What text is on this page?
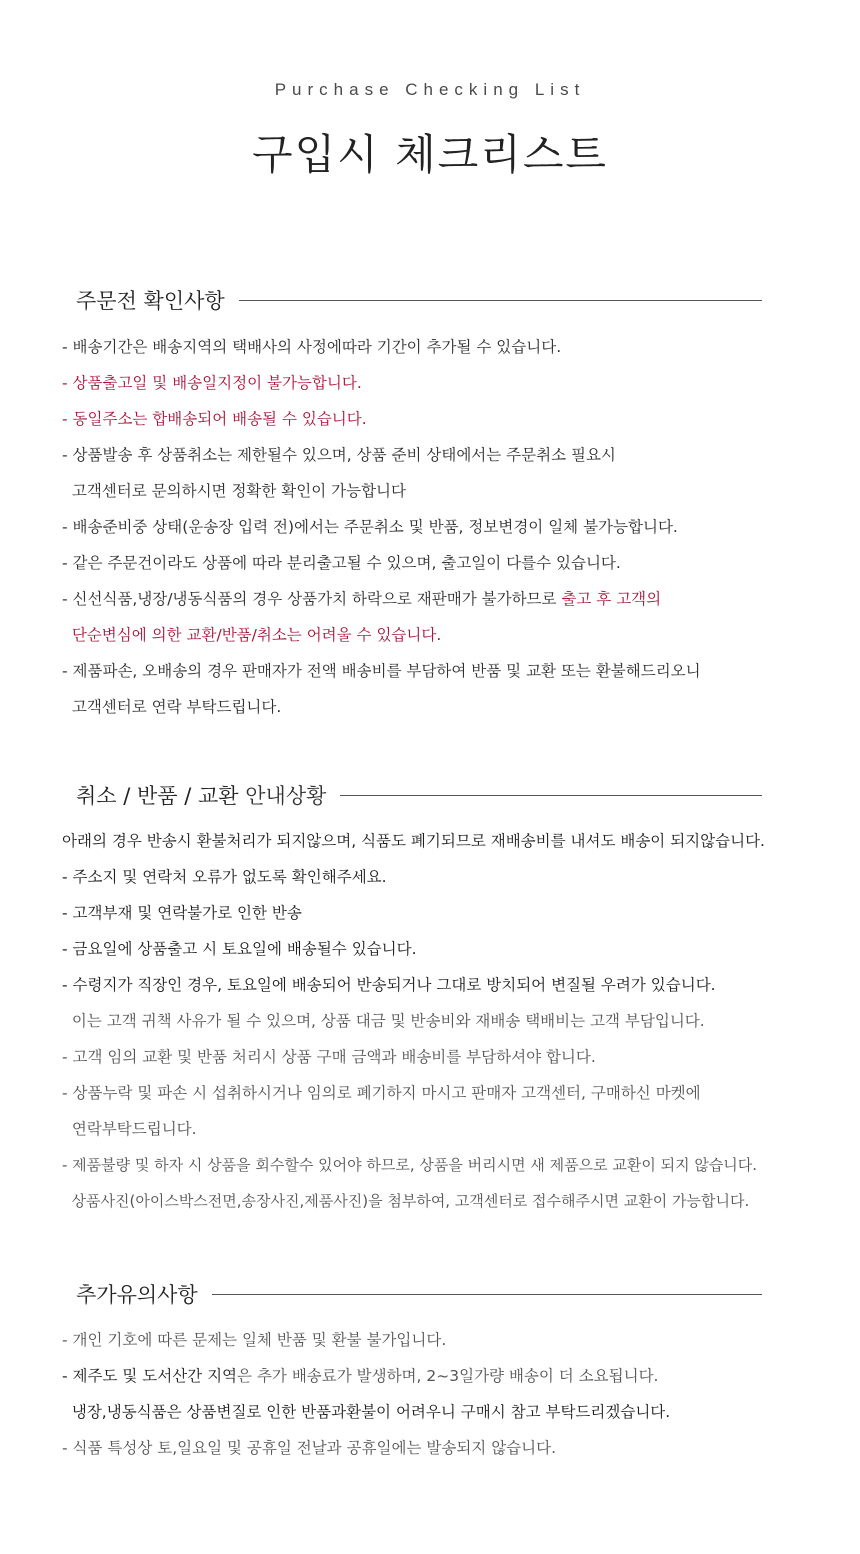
Purchase Checking List
구입시 체크리스트
주문전 확인사항
- 배송기간은 배송지역의 택배사의 사정에따라 기간이 추가될 수 있습니다.
- 상품출고일 및 배송일지정이 불가능합니다.
- 동일주소는 합배송되어 배송될 수 있습니다.
- 상품발송 후 상품취소는 제한될수 있으며, 상품 준비 상태에서는 주문취소 필요시
고객센터로 문의하시면 정확한 확인이 가능합니다
- 배송준비중 상태(운송장 입력 전)에서는 주문취소 및 반품, 정보변경이 일체 불가능합니다.
- 같은 주문건이라도 상품에 따라 분리출고될 수 있으며, 출고일이 다를수 있습니다.
- 신선식품,냉장/냉동식품의 경우 상품가치 하락으로 재판매가 불가하므로 출고 후 고객의
단순변심에 의한 교환/반품/취소는 어려울 수 있습니다.
- 제품파손, 오배송의 경우 판매자가 전액 배송비를 부담하여 반품 및 교환 또는 환불해드리오니
고객센터로 연락 부탁드립니다.
취소 / 반품 / 교환 안내상황
아래의 경우 반송시 환불처리가 되지않으며, 식품도 폐기되므로 재배송비를 내셔도 배송이 되지않습니다.
- 주소지 및 연락처 오류가 없도록 확인해주세요.
- 고객부재 및 연락불가로 인한 반송
- 금요일에 상품출고 시 토요일에 배송될수 있습니다.
- 수령지가 직장인 경우, 토요일에 배송되어 반송되거나 그대로 방치되어 변질될 우려가 있습니다.
이는 고객 귀책 사유가 될 수 있으며, 상품 대금 및 반송비와 재배송 택배비는 고객 부담입니다.
- 고객 임의 교환 및 반품 처리시 상품 구매 금액과 배송비를 부담하셔야 합니다.
- 상품누락 및 파손 시 섭취하시거나 임의로 폐기하지 마시고 판매자 고객센터, 구매하신 마켓에
연락부탁드립니다.
- 제품불량 및 하자 시 상품을 회수할수 있어야 하므로, 상품을 버리시면 새 제품으로 교환이 되지 않습니다.
상품사진(아이스박스전면,송장사진,제품사진)을 첨부하여, 고객센터로 접수해주시면 교환이 가능합니다.
추가유의사항
- 개인 기호에 따른 문제는 일체 반품 및 환불 불가입니다.
- 제주도 및 도서산간 지역은 추가 배송료가 발생하며, 2~3일가량 배송이 더 소요됩니다.
냉장,냉동식품은 상품변질로 인한 반품과환불이 어려우니 구매시 참고 부탁드리겠습니다.
- 식품 특성상 토,일요일 및 공휴일 전날과 공휴일에는 발송되지 않습니다.
